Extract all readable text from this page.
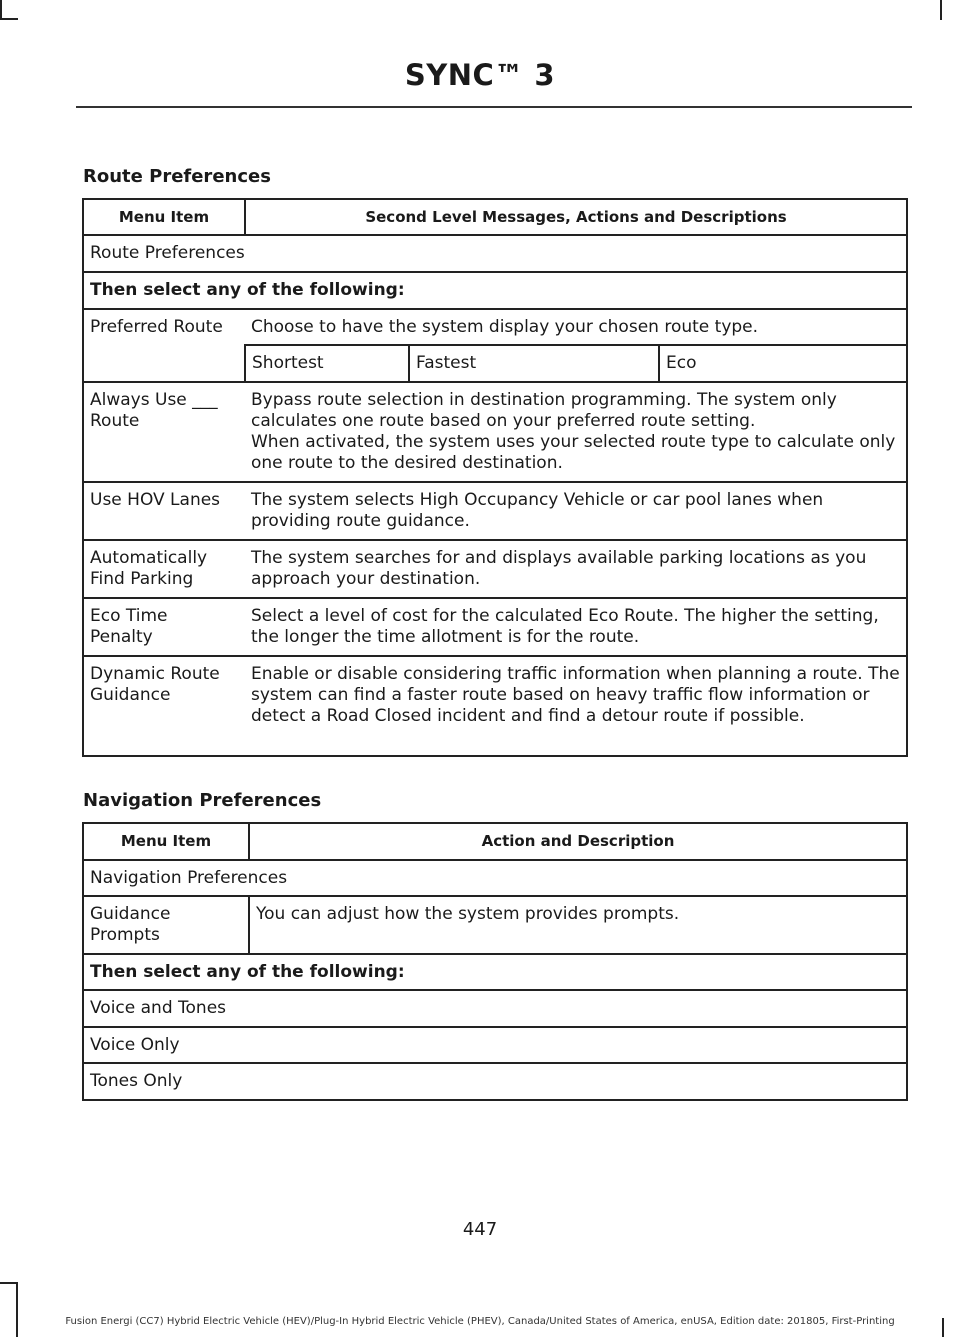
SYNC™ 3
Route Preferences
Menu Item	Second Level Messages, Actions and Descriptions		
Route Preferences			
Then select any of the following:			
Preferred Route	Choose to have the system display your chosen route type.		
	Shortest	Fastest	Eco
Always Use ___ Route	Bypass route selection in destination programming. The system only calculates one route based on your preferred route setting.
When activated, the system uses your selected route type to calculate only one route to the desired destination.		

Use HOV Lanes	The system selects High Occupancy Vehicle or car pool lanes when providing route guidance.		
Automatically Find Parking	The system searches for and displays available parking locations as you approach your destination.		
Eco Time Penalty	Select a level of cost for the calculated Eco Route. The higher the setting, the longer the time allotment is for the route.		
Dynamic Route Guidance	Enable or disable considering traffic information when planning a route. The system can find a faster route based on heavy traffic flow information or detect a Road Closed incident and find a detour route if possible.		
Navigation Preferences
Menu Item	Action and Description
Navigation Preferences	
Guidance Prompts	You can adjust how the system provides prompts.
Then select any of the following:	
Voice and Tones	
Voice Only	
Tones Only	
447
Fusion Energi (CC7) Hybrid Electric Vehicle (HEV)/Plug-In Hybrid Electric Vehicle (PHEV), Canada/United States of America, enUSA, Edition date: 201805, First-Printing
